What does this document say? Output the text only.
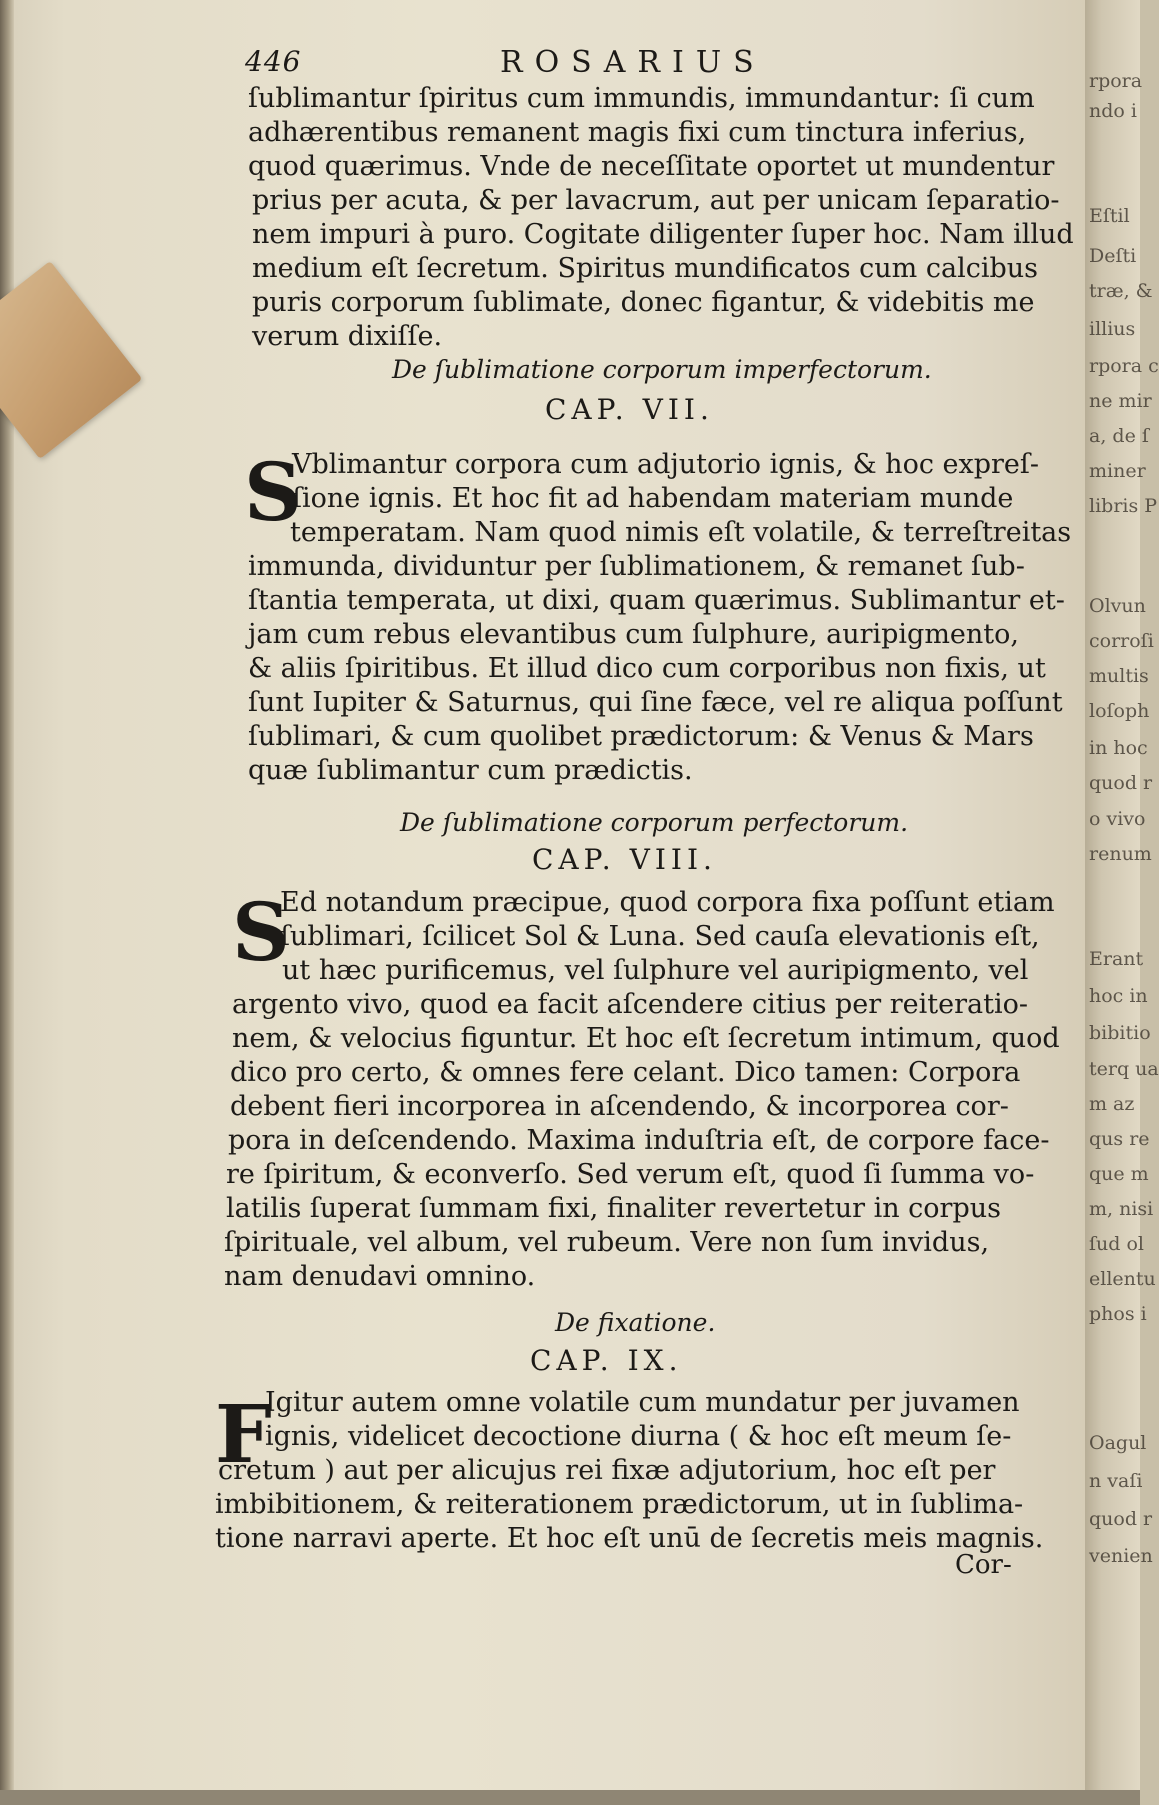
rpora
ndo i
Eſtil
Deſti
træ, &
illius
rpora c
ne mir
a, de ſ
miner
libris P
Olvun
corroſi
multis
loſoph
in hoc
quod r
o vivo
renum
Erant
hoc in
bibitio
terq ua
m az
qus re
que m
m, nisi
ſud ol
ellentu
phos i
Oagul
n vaſi
quod r
venien
446	ROSARIUS
ſublimantur ſpiritus cum immundis, immundantur: ſi cum
adhærentibus remanent magis fixi cum tinctura inferius,
quod quærimus. Vnde de neceſſitate oportet ut mundentur
prius per acuta, & per lavacrum, aut per unicam ſeparatio-
nem impuri à puro. Cogitate diligenter ſuper hoc. Nam illud
medium eſt ſecretum. Spiritus mundificatos cum calcibus
puris corporum ſublimate, donec figantur, & videbitis me
verum dixiſſe.
De ſublimatione corporum imperfectorum.
CAP. VII.
S
Vblimantur corpora cum adjutorio ignis, & hoc expreſ-
ſione ignis. Et hoc fit ad habendam materiam munde
temperatam. Nam quod nimis eſt volatile, & terreſtreitas
immunda, dividuntur per ſublimationem, & remanet ſub-
ſtantia temperata, ut dixi, quam quærimus. Sublimantur et-
jam cum rebus elevantibus cum ſulphure, auripigmento,
& aliis ſpiritibus. Et illud dico cum corporibus non fixis, ut
ſunt Iupiter & Saturnus, qui ſine fæce, vel re aliqua poſſunt
ſublimari, & cum quolibet prædictorum: & Venus & Mars
quæ ſublimantur cum prædictis.
De ſublimatione corporum perfectorum.
CAP. VIII.
S
Ed notandum præcipue, quod corpora fixa poſſunt etiam
ſublimari, ſcilicet Sol & Luna. Sed cauſa elevationis eſt,
ut hæc purificemus, vel ſulphure vel auripigmento, vel
argento vivo, quod ea facit aſcendere citius per reiteratio-
nem, & velocius figuntur. Et hoc eſt ſecretum intimum, quod
dico pro certo, & omnes fere celant. Dico tamen: Corpora
debent fieri incorporea in aſcendendo, & incorporea cor-
pora in deſcendendo. Maxima induſtria eſt, de corpore face-
re ſpiritum, & econverſo. Sed verum eſt, quod ſi ſumma vo-
latilis ſuperat ſummam fixi, finaliter revertetur in corpus
ſpirituale, vel album, vel rubeum. Vere non ſum invidus,
nam denudavi omnino.
De fixatione.
CAP. IX.
F
Igitur autem omne volatile cum mundatur per juvamen
ignis, videlicet decoctione diurna ( & hoc eſt meum ſe-
cretum ) aut per alicujus rei fixæ adjutorium, hoc eſt per
imbibitionem, & reiterationem prædictorum, ut in ſublima-
tione narravi aperte. Et hoc eſt unū de ſecretis meis magnis.
Cor-
